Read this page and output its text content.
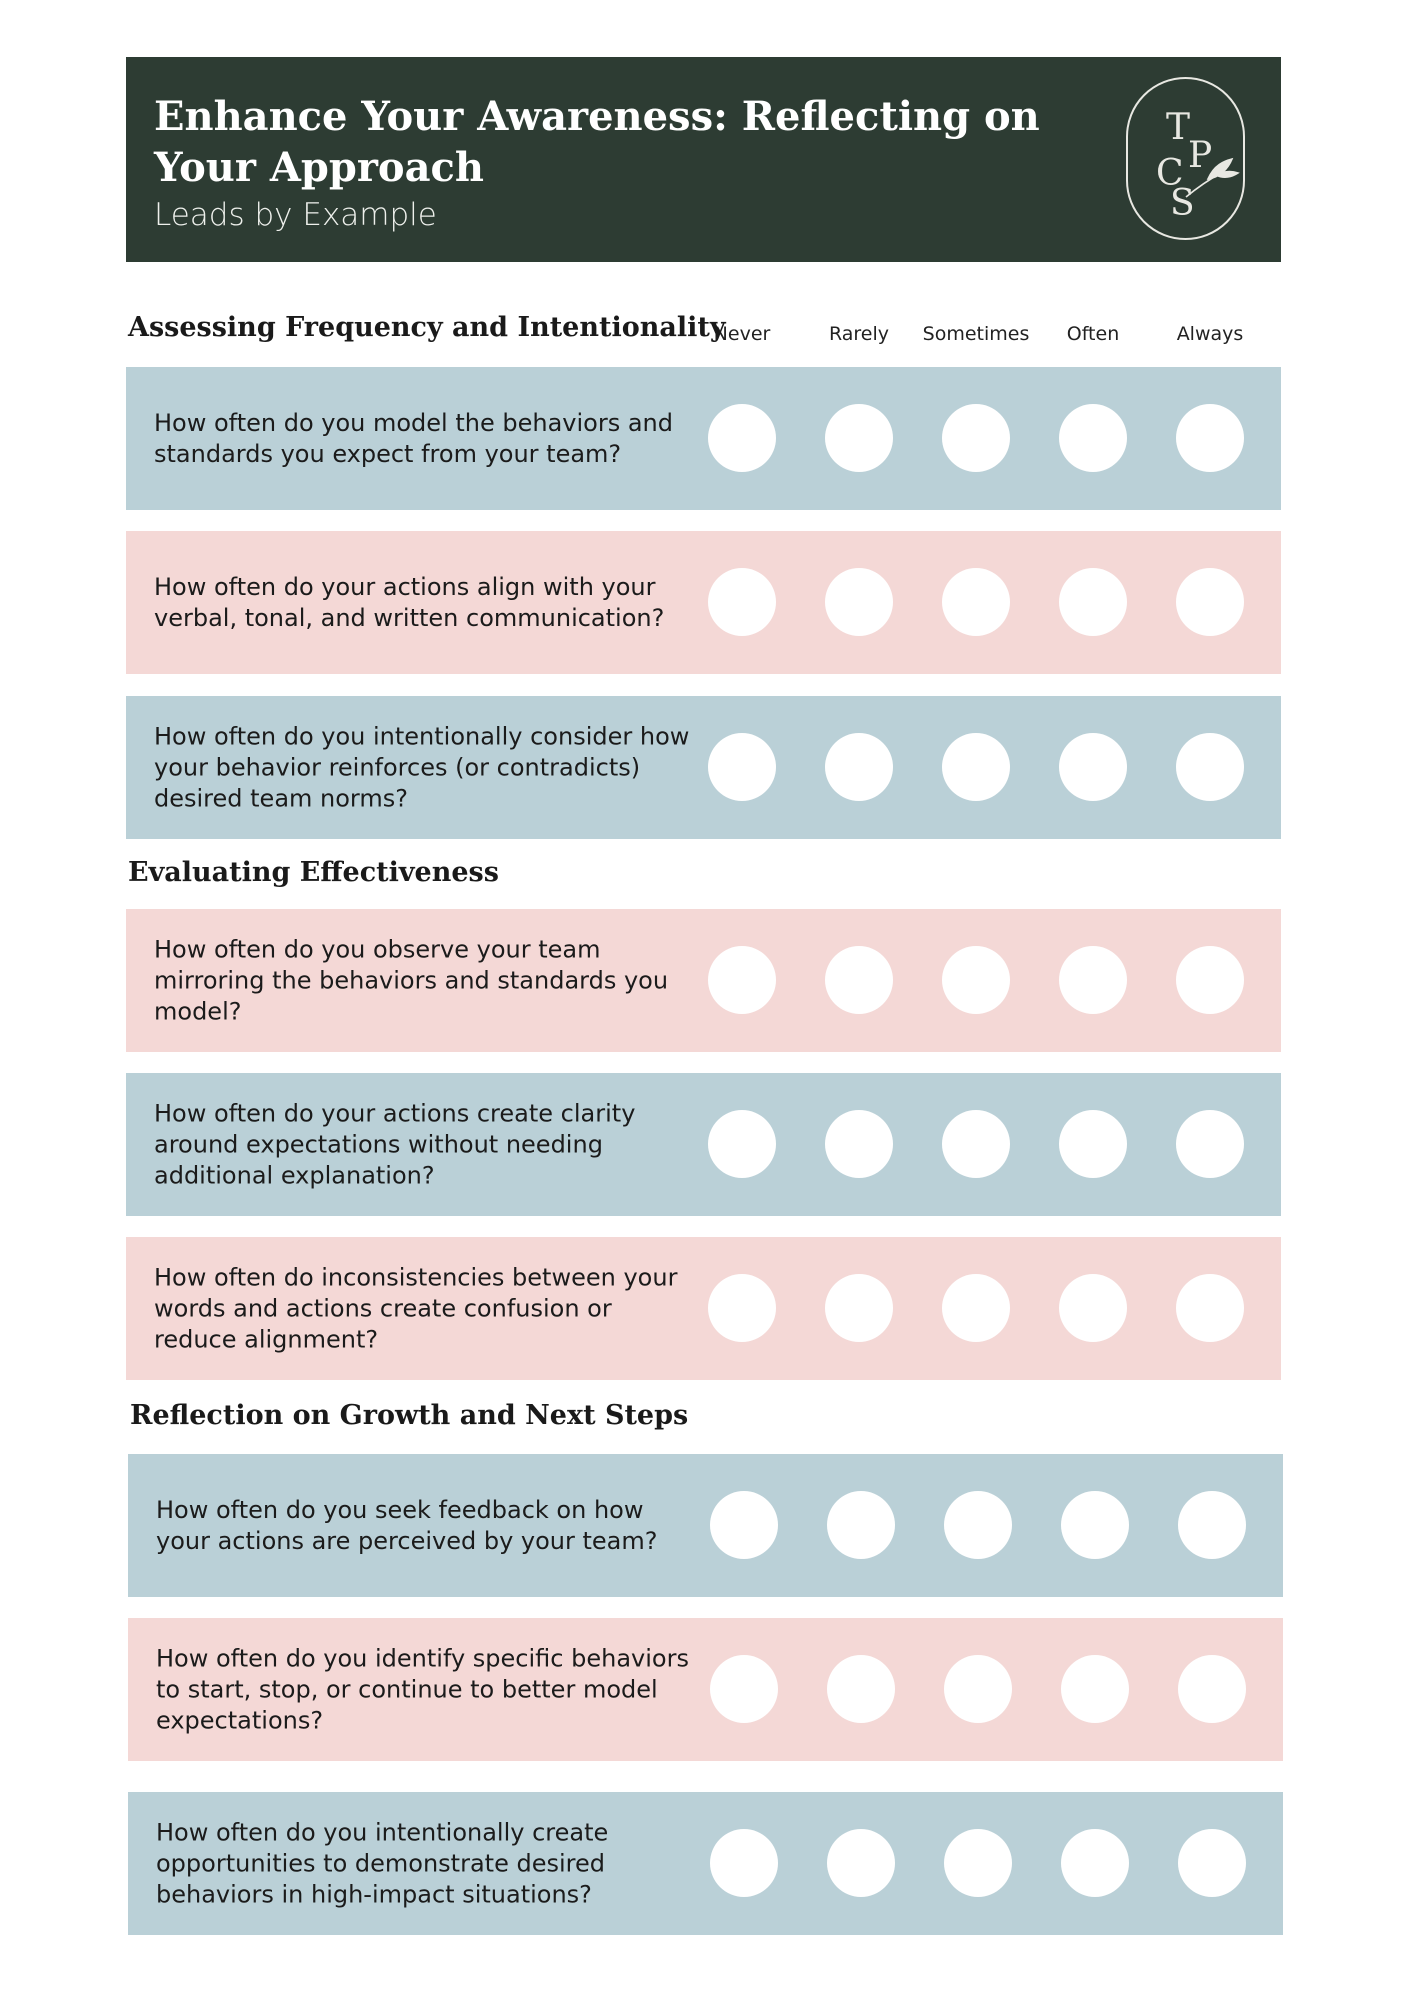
Enhance Your Awareness: Reflecting on Your Approach
Leads by Example
T
P
C
S
Never	Rarely	Sometimes	Often	Always
Assessing Frequency and Intentionality
How often do you model the behaviors and standards you expect from your team?
How often do your actions align with your verbal, tonal, and written communication?
How often do you intentionally consider how your behavior reinforces (or contradicts) desired team norms?
Evaluating Effectiveness
How often do you observe your team mirroring the behaviors and standards you model?
How often do your actions create clarity around expectations without needing additional explanation?
How often do inconsistencies between your words and actions create confusion or reduce alignment?
Reflection on Growth and Next Steps
How often do you seek feedback on how your actions are perceived by your team?
How often do you identify specific behaviors to start, stop, or continue to better model expectations?
How often do you intentionally create opportunities to demonstrate desired behaviors in high-impact situations?
